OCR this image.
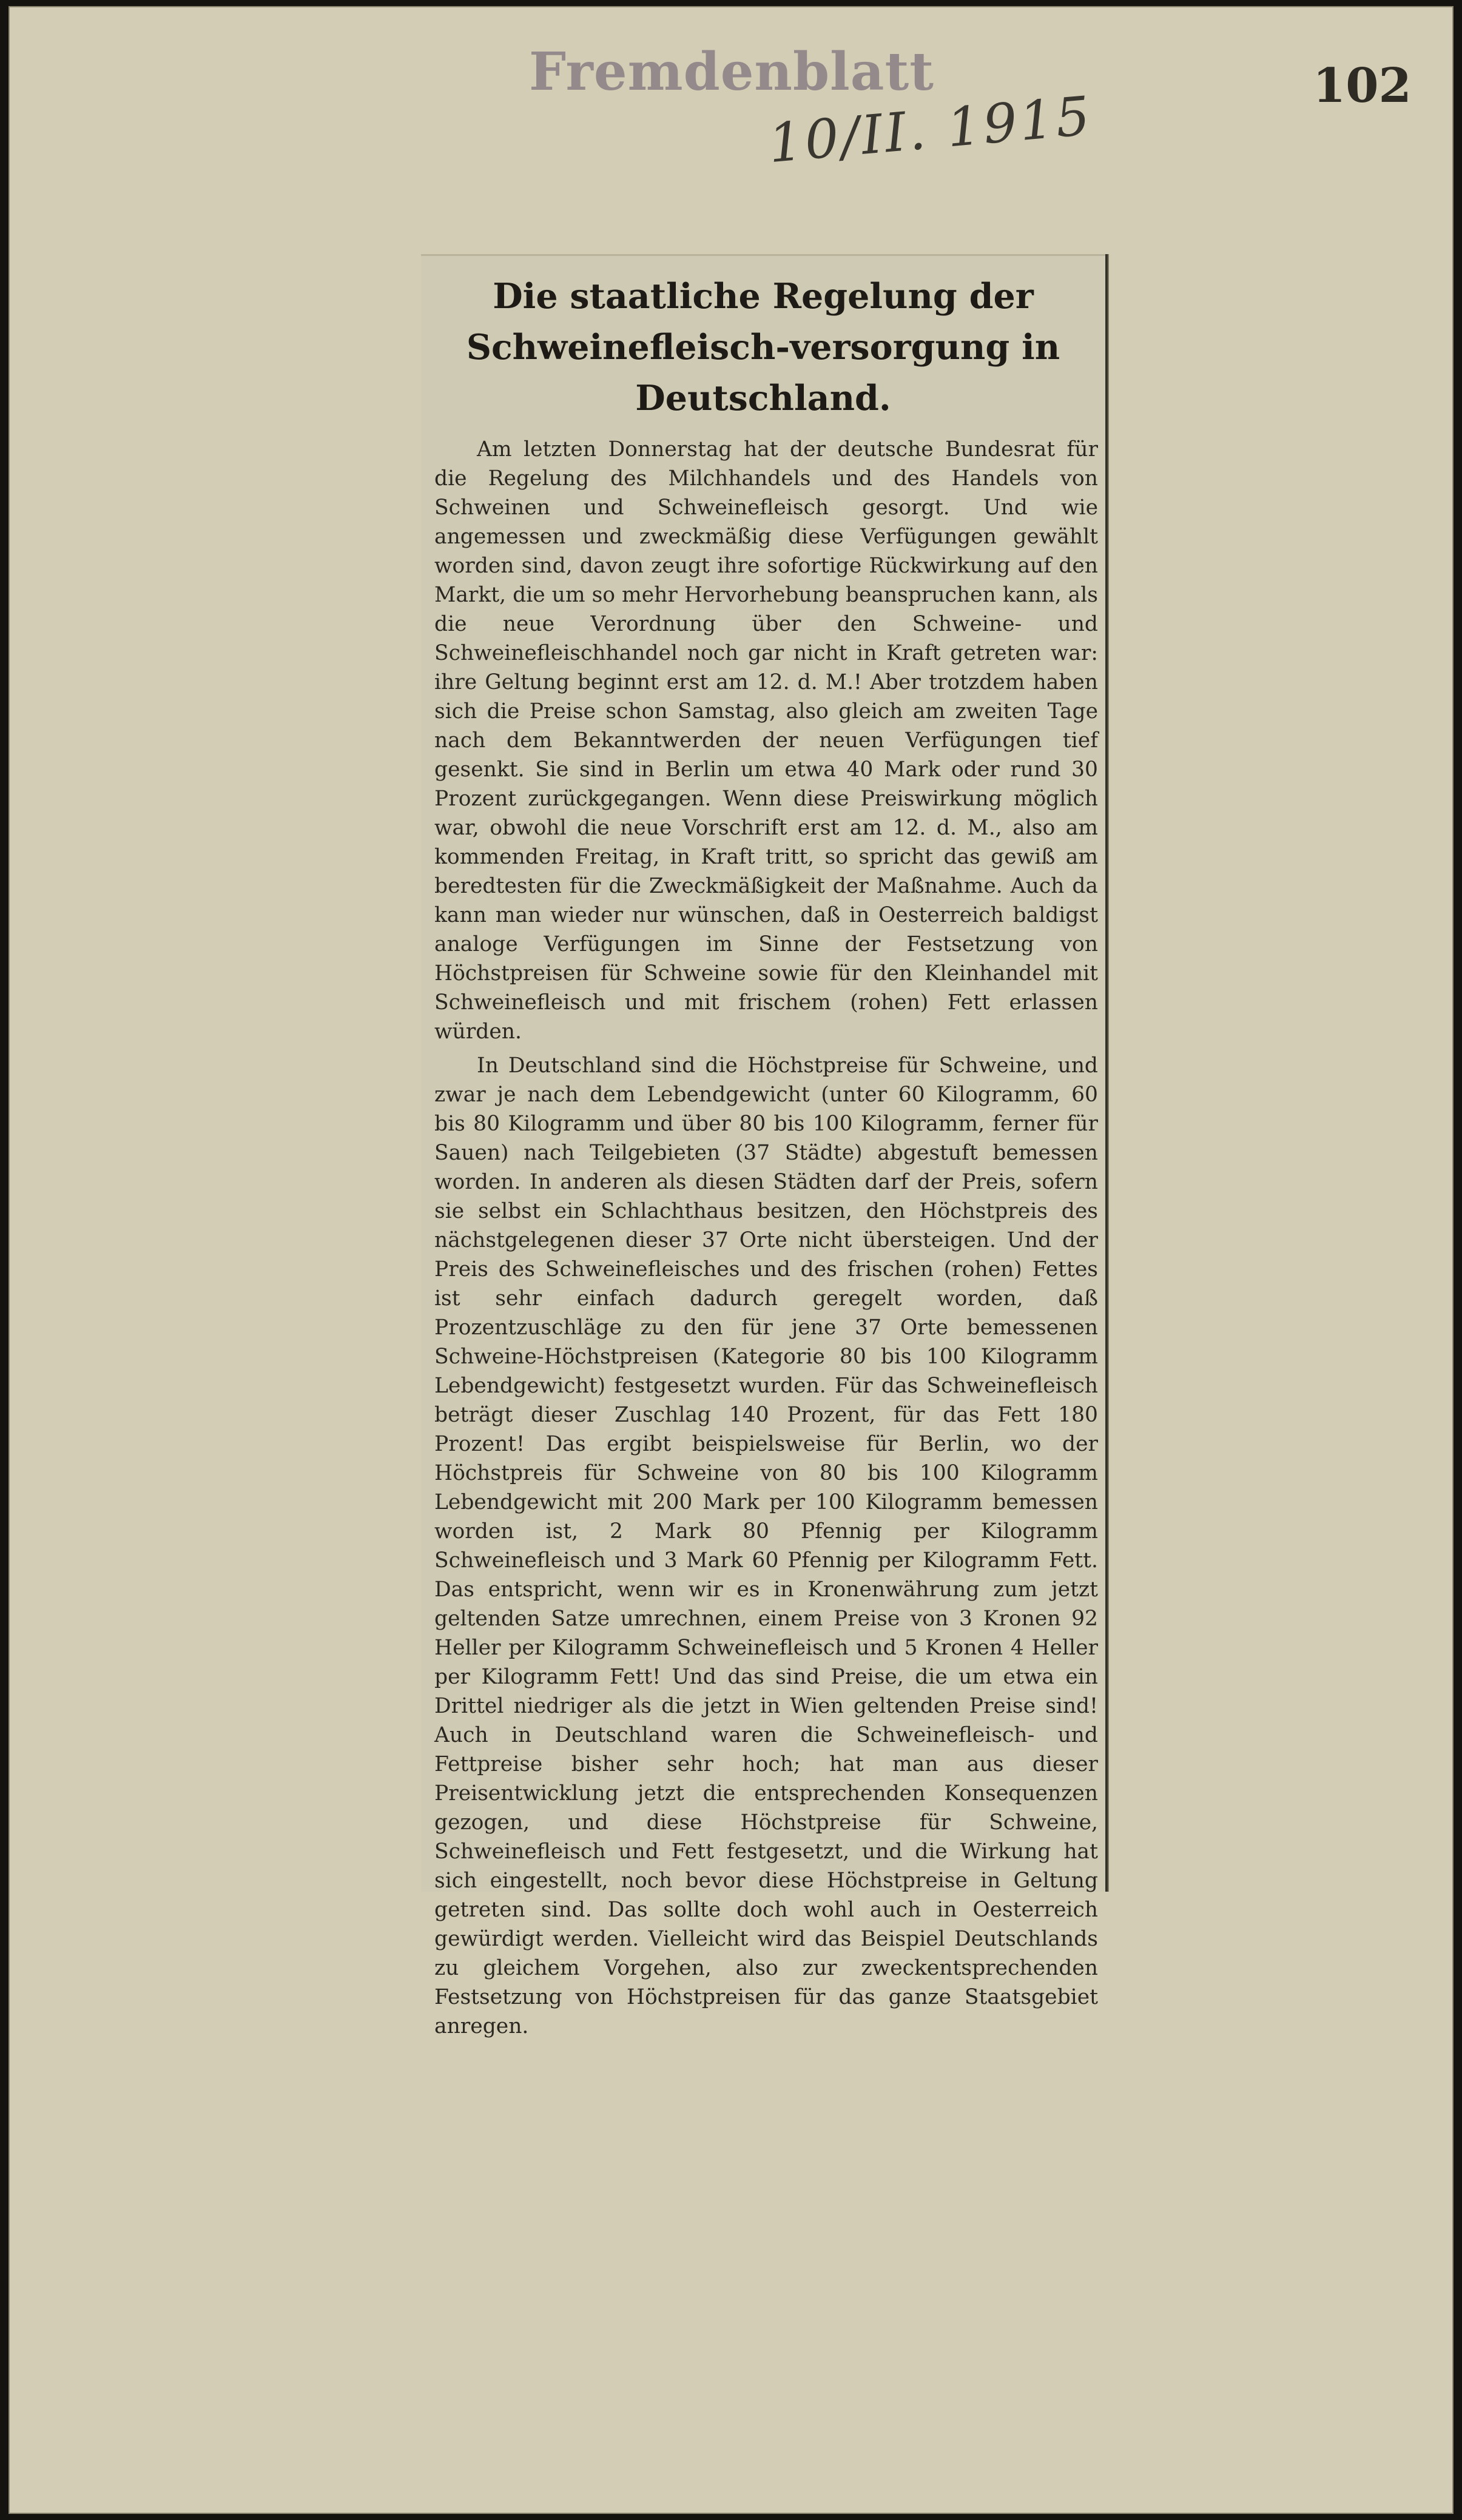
Fremdenblatt
10/II. 1915	102
Die staatliche Regelung der Schweinefleisch-versorgung in Deutschland.

Am letzten Donnerstag hat der deutsche Bundesrat für die Regelung des Milchhandels und des Handels von Schweinen und Schweinefleisch gesorgt. Und wie angemessen und zweckmäßig diese Verfügungen gewählt worden sind, davon zeugt ihre sofortige Rückwirkung auf den Markt, die um so mehr Hervorhebung beanspruchen kann, als die neue Verordnung über den Schweine- und Schweinefleischhandel noch gar nicht in Kraft getreten war: ihre Geltung beginnt erst am 12. d. M.! Aber trotzdem haben sich die Preise schon Samstag, also gleich am zweiten Tage nach dem Bekanntwerden der neuen Verfügungen tief gesenkt. Sie sind in Berlin um etwa 40 Mark oder rund 30 Prozent zurückgegangen. Wenn diese Preiswirkung möglich war, obwohl die neue Vorschrift erst am 12. d. M., also am kommenden Freitag, in Kraft tritt, so spricht das gewiß am beredtesten für die Zweckmäßigkeit der Maßnahme. Auch da kann man wieder nur wünschen, daß in Oesterreich baldigst analoge Verfügungen im Sinne der Festsetzung von Höchstpreisen für Schweine sowie für den Kleinhandel mit Schweinefleisch und mit frischem (rohen) Fett erlassen würden.

In Deutschland sind die Höchstpreise für Schweine, und zwar je nach dem Lebendgewicht (unter 60 Kilogramm, 60 bis 80 Kilogramm und über 80 bis 100 Kilogramm, ferner für Sauen) nach Teilgebieten (37 Städte) abgestuft bemessen worden. In anderen als diesen Städten darf der Preis, sofern sie selbst ein Schlachthaus besitzen, den Höchstpreis des nächstgelegenen dieser 37 Orte nicht übersteigen. Und der Preis des Schweinefleisches und des frischen (rohen) Fettes ist sehr einfach dadurch geregelt worden, daß Prozentzuschläge zu den für jene 37 Orte bemessenen Schweine-Höchstpreisen (Kategorie 80 bis 100 Kilogramm Lebendgewicht) festgesetzt wurden. Für das Schweinefleisch beträgt dieser Zuschlag 140 Prozent, für das Fett 180 Prozent! Das ergibt beispielsweise für Berlin, wo der Höchstpreis für Schweine von 80 bis 100 Kilogramm Lebendgewicht mit 200 Mark per 100 Kilogramm bemessen worden ist, 2 Mark 80 Pfennig per Kilogramm Schweinefleisch und 3 Mark 60 Pfennig per Kilogramm Fett. Das entspricht, wenn wir es in Kronenwährung zum jetzt geltenden Satze umrechnen, einem Preise von 3 Kronen 92 Heller per Kilogramm Schweinefleisch und 5 Kronen 4 Heller per Kilogramm Fett! Und das sind Preise, die um etwa ein Drittel niedriger als die jetzt in Wien geltenden Preise sind! Auch in Deutschland waren die Schweinefleisch- und Fettpreise bisher sehr hoch; hat man aus dieser Preisentwicklung jetzt die entsprechenden Konsequenzen gezogen, und diese Höchstpreise für Schweine, Schweinefleisch und Fett festgesetzt, und die Wirkung hat sich eingestellt, noch bevor diese Höchstpreise in Geltung getreten sind. Das sollte doch wohl auch in Oesterreich gewürdigt werden. Vielleicht wird das Beispiel Deutschlands zu gleichem Vorgehen, also zur zweckentsprechenden Festsetzung von Höchstpreisen für das ganze Staatsgebiet anregen.
